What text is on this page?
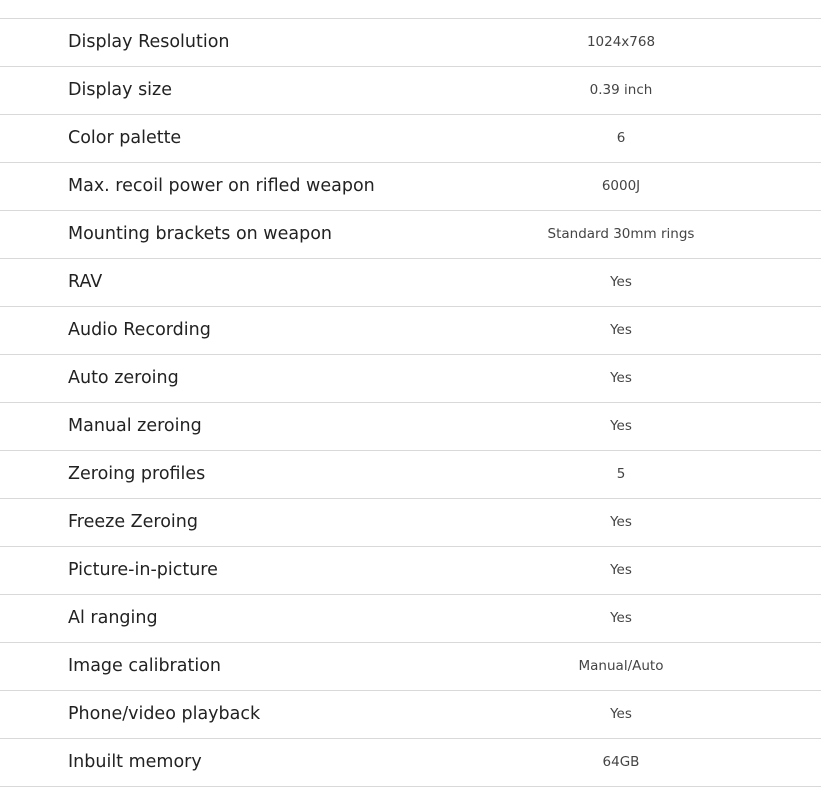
Display Resolution	1024x768
Display size	0.39 inch
Color palette	6
Max. recoil power on rifled weapon	6000J
Mounting brackets on weapon	Standard 30mm rings
RAV	Yes
Audio Recording	Yes
Auto zeroing	Yes
Manual zeroing	Yes
Zeroing profiles	5
Freeze Zeroing	Yes
Picture-in-picture	Yes
Al ranging	Yes
Image calibration	Manual/Auto
Phone/video playback	Yes
Inbuilt memory	64GB
